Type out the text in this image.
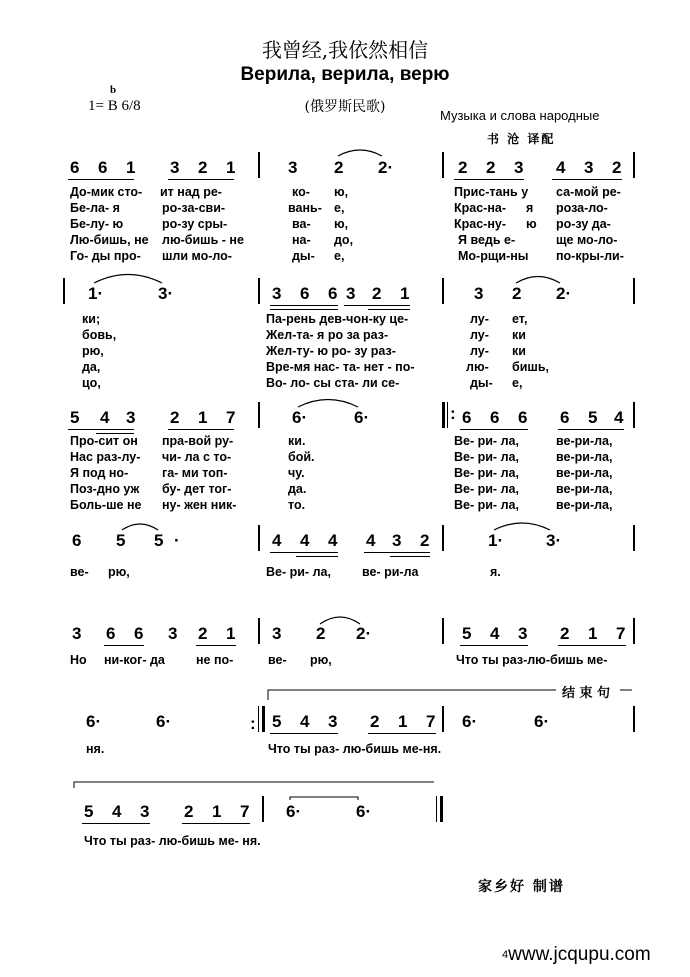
我曾经,我依然相信
Верила, верила, верю
(俄罗斯民歌)
b
1= B 6/8
Музыка и слова народные
书 沧 译配
6 6 1 3 2 1	3 2 2·	2 2 3 4 3 2
До-мик сто- ит над ре-	ко- ю,	Прис-тань у са-мой ре-
Бе-ла- я	ро-за-сви-	вань- е,	Крас-на- я роза-ло-
Бе-лу- ю	ро-зу сры-	ва- ю,	Крас-ну- ю ро-зу да-
Лю-бишь, не лю-бишь - не	на- до,	Я ведь е-	ще мо-ло-
Го- ды про- шли мо-ло-	ды- е,	Мо-рщи-ны по-кры-ли-
1·	3·	3 6 6 3 2 1	3 2 2·
ки;	Па-рень дев-чон-ку це-	лу- ет,
бовь,	Жел-та- я ро за раз-	лу- ки
рю,	Жел-ту- ю ро- зу раз-	лу- ки
да,	Вре-мя нас- та- нет - по-	лю- бишь,
цо,	Во- ло- сы ста- ли се-	ды- е,
5 4 3 2 1 7	6·	6·	6 6 6 6 5 4
Про-сит он пра-вой ру-	ки.	Ве- ри- ла,	ве-ри-ла,
Нас раз-лу- чи- ла с то-	бой.	Ве- ри- ла,	ве-ри-ла,
Я под но-	га- ми топ-	чу.	Ве- ри- ла,	ве-ри-ла,
Поз-дно уж бу- дет тог-	да.	Ве- ри- ла,	ве-ри-ла,
Боль-ше не ну- жен ник-	то.	Ве- ри- ла,	ве-ри-ла,
6 5 5 ·	4 4 4 4 3 2	1·	3·
ве- рю,	Ве- ри- ла, ве- ри-ла	я.
3 6 6 3 2 1 3 2 2·	5 4 3 2 1 7
Но ни-ког- да не по-	ве- рю,	Что ты раз-лю-бишь ме-
6·	6·	5 4 3 2 1 7 6·	6·
ня.	Что ты раз- лю-бишь ме-ня.
5 4 3 2 1 7 6·	6·
Что ты раз- лю-бишь ме- ня.
结 束 句
:
:
家乡好 制谱
4www.jcqupu.com
